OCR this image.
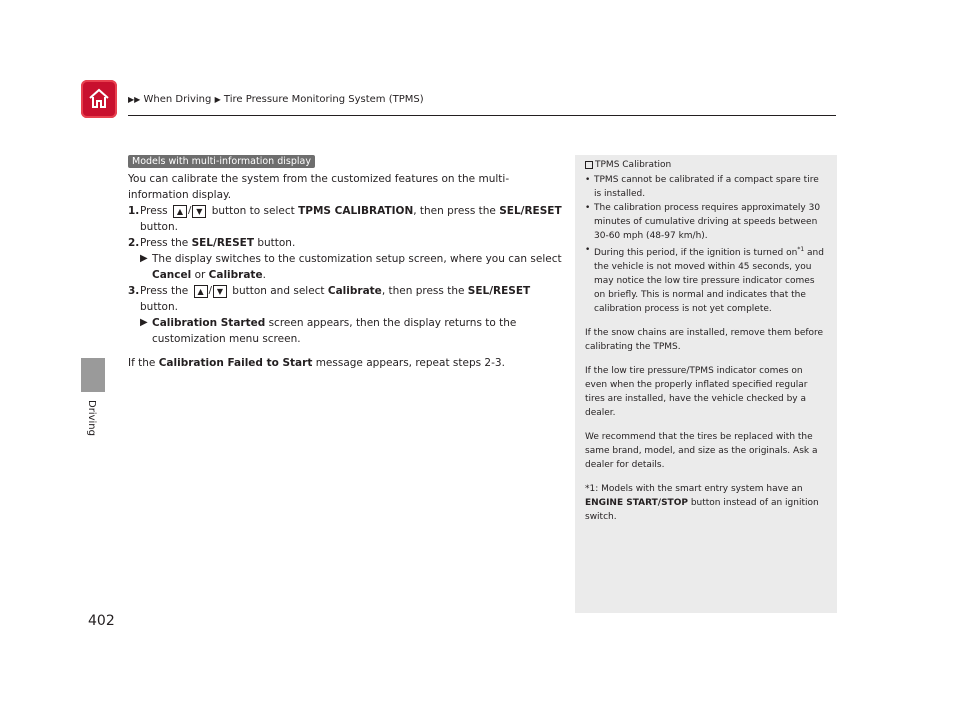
▶▶ When Driving ▶ Tire Pressure Monitoring System (TPMS)
Driving
402
Models with multi-information display

You can calibrate the system from the customized features on the multi-information display.

1. Press	▲ / ▼ button to select TPMS CALIBRATION, then press the SEL/RESET button.
2. Press the SEL/RESET button.
▶ The display switches to the customization setup screen, where you can select Cancel or Calibrate.
3. Press the	▲ / ▼ button and select Calibrate, then press the SEL/RESET button.
▶ Calibration Started screen appears, then the display returns to the customization menu screen.

If the Calibration Failed to Start message appears, repeat steps 2-3.

TPMS Calibration
• TPMS cannot be calibrated if a compact spare tire is installed.
• The calibration process requires approximately 30 minutes of cumulative driving at speeds between 30-60 mph (48-97 km/h).
• During this period, if the ignition is turned $on^{*1}$ and the vehicle is not moved within 45 seconds, you may notice the low tire pressure indicator comes on briefly. This is normal and indicates that the calibration process is not yet complete.
If the snow chains are installed, remove them before calibrating the TPMS.
If the low tire pressure/TPMS indicator comes on even when the properly inflated specified regular tires are installed, have the vehicle checked by a dealer.
We recommend that the tires be replaced with the same brand, model, and size as the originals. Ask a dealer for details.
*1: Models with the smart entry system have an ENGINE START/STOP button instead of an ignition switch.
